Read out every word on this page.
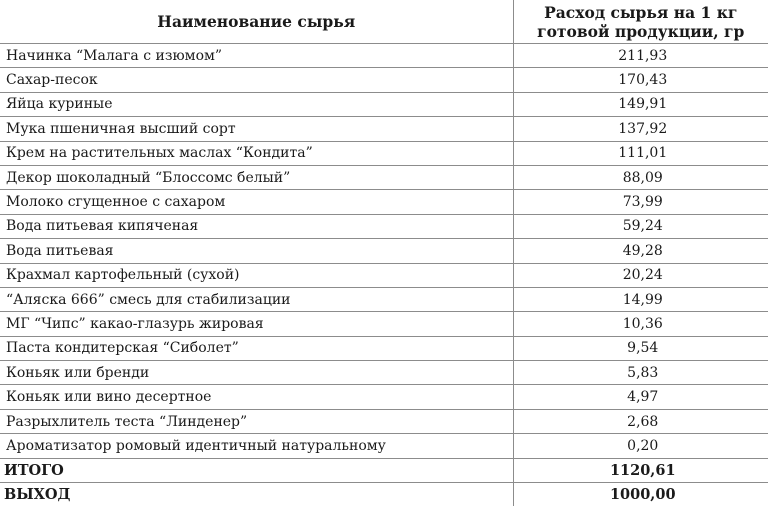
Наименование сырья	Расход сырья на 1 кг
готовой продукции, гр

Начинка “Малага с изюмом”	211,93
Сахар-песок	170,43
Яйца куриные	149,91
Мука пшеничная высший сорт	137,92
Крем на растительных маслах “Кондита”	111,01
Декор шоколадный “Блоссомс белый”	88,09
Молоко сгущенное с сахаром	73,99
Вода питьевая кипяченая	59,24
Вода питьевая	49,28
Крахмал картофельный (сухой)	20,24
“Аляска 666” смесь для стабилизации	14,99
МГ “Чипс” какао-глазурь жировая	10,36
Паста кондитерская “Сиболет”	9,54
Коньяк или бренди	5,83
Коньяк или вино десертное	4,97
Разрыхлитель теста “Линденер”	2,68
Ароматизатор ромовый идентичный натуральному	0,20
ИТОГО	1120,61
ВЫХОД	1000,00
